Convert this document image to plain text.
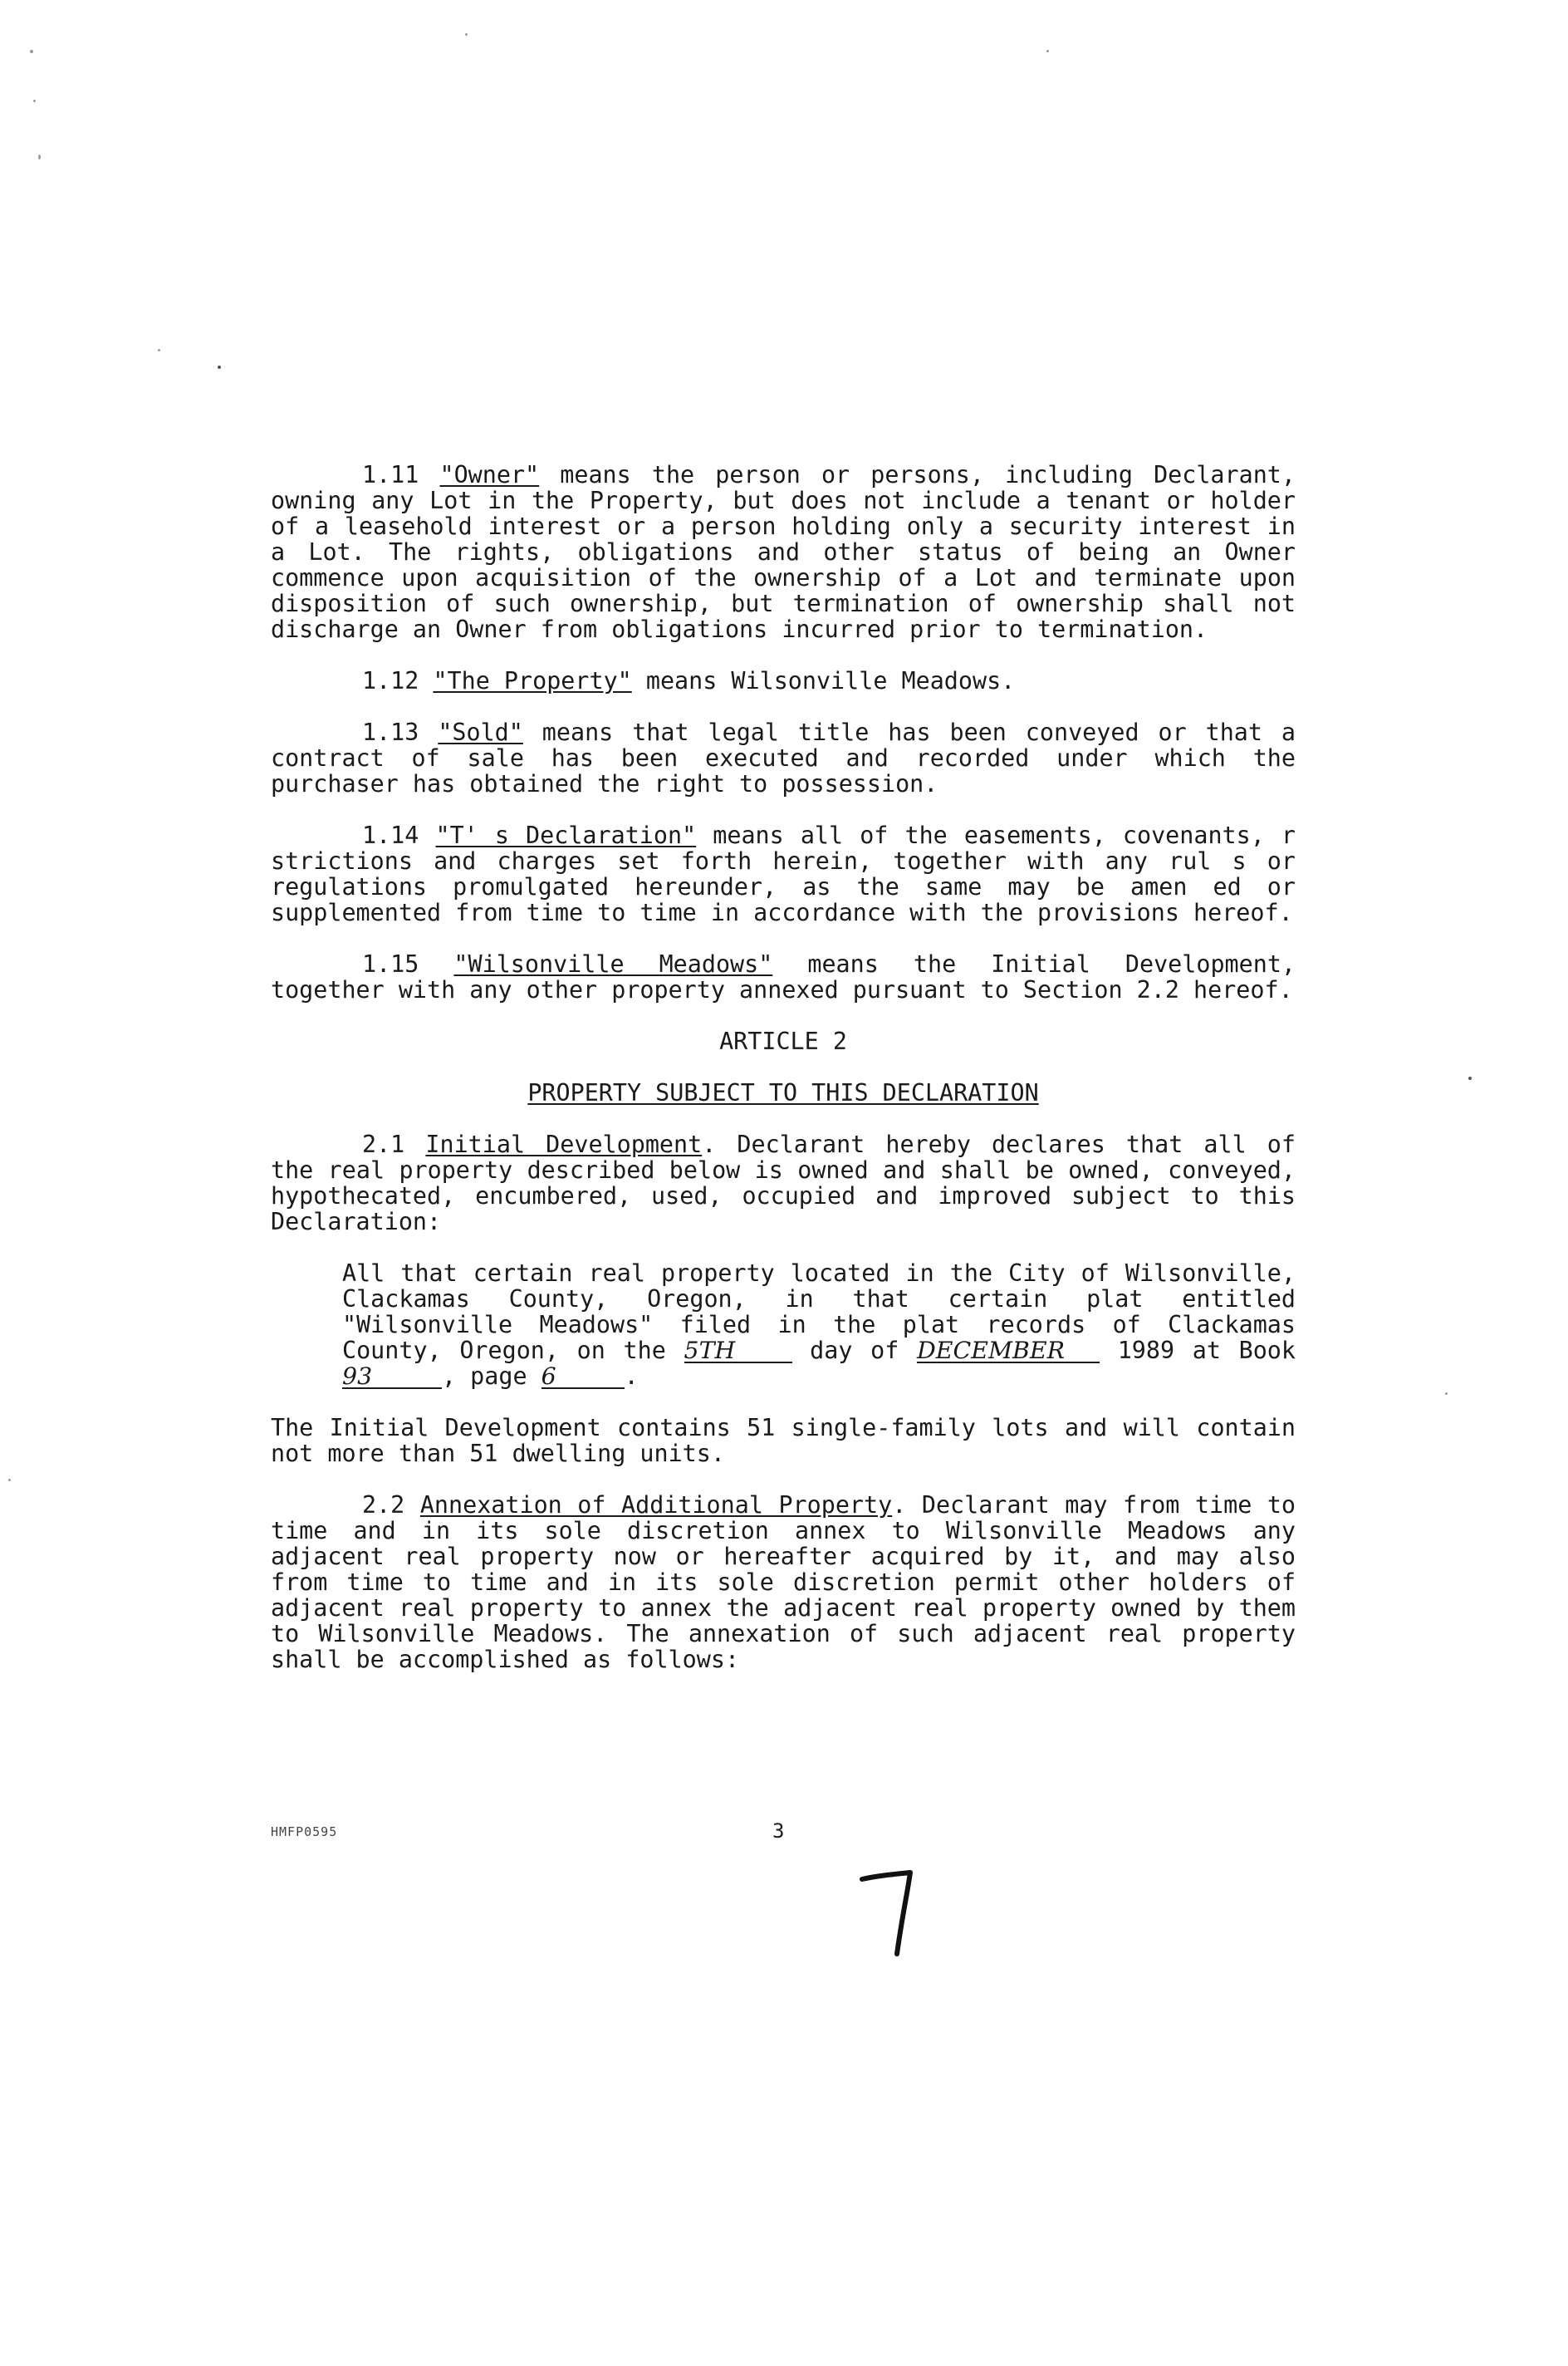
1.11 "Owner" means the person or persons, including Declarant, owning any Lot in the Property, but does not include a tenant or holder of a leasehold interest or a person holding only a security interest in a Lot. The rights, obligations and other status of being an Owner commence upon acquisition of the ownership of a Lot and terminate upon disposition of such ownership, but termination of ownership shall not discharge an Owner from obligations incurred prior to termination.

1.12 "The Property" means Wilsonville Meadows.

1.13 "Sold" means that legal title has been conveyed or that a contract of sale has been executed and recorded under which the purchaser has obtained the right to possession.

1.14 "T' s Declaration" means all of the easements, covenants, r strictions and charges set forth herein, together with any rul s or regulations promulgated hereunder, as the same may be amen ed or supplemented from time to time in accordance with the provisions hereof.

1.15 "Wilsonville Meadows" means the Initial Development, together with any other property annexed pursuant to Section 2.2 hereof.

ARTICLE 2

PROPERTY SUBJECT TO THIS DECLARATION

2.1 Initial Development. Declarant hereby declares that all of the real property described below is owned and shall be owned, conveyed, hypothecated, encumbered, used, occupied and improved subject to this Declaration:

All that certain real property located in the City of Wilsonville, Clackamas County, Oregon, in that certain plat entitled "Wilsonville Meadows" filed in the plat records of Clackamas County, Oregon, on the 5TH day of DECEMBER 1989 at Book 93	, page 6	.

The Initial Development contains 51 single-family lots and will contain not more than 51 dwelling units.

2.2 Annexation of Additional Property. Declarant may from time to time and in its sole discretion annex to Wilsonville Meadows any adjacent real property now or hereafter acquired by it, and may also from time to time and in its sole discretion permit other holders of adjacent real property to annex the adjacent real property owned by them to Wilsonville Meadows. The annexation of such adjacent real property shall be accomplished as follows:

HMFP0595	3
